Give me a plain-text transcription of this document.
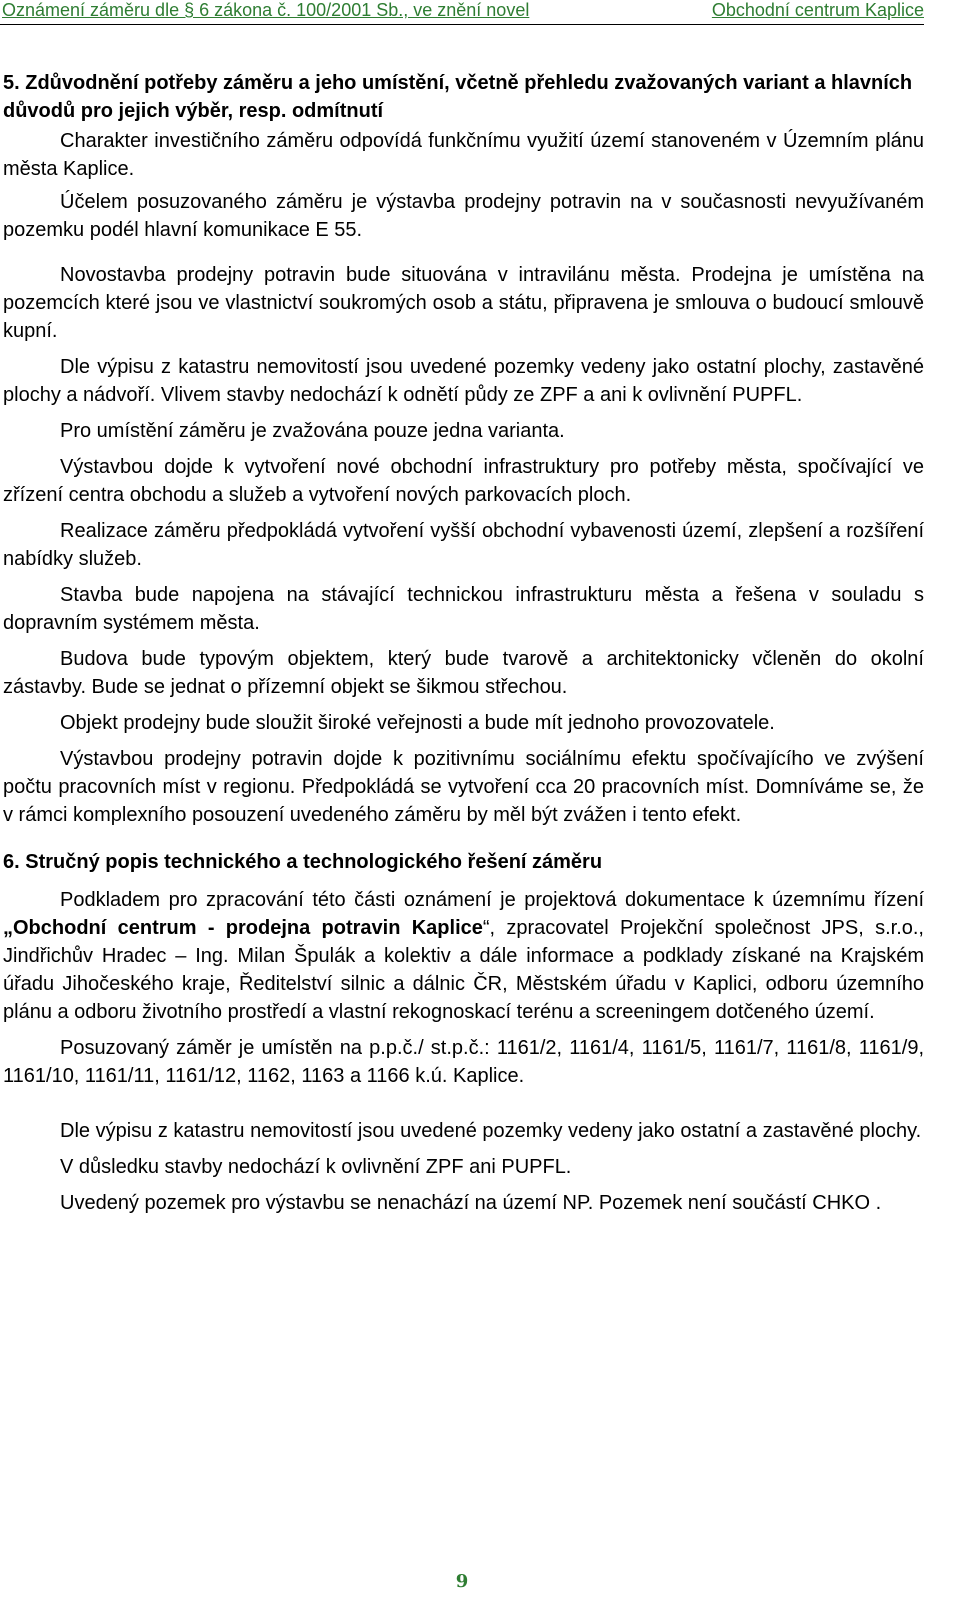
Oznámení záměru dle § 6 zákona č. 100/2001 Sb., ve znění novel	Obchodní centrum Kaplice

5. Zdůvodnění potřeby záměru a jeho umístění, včetně přehledu zvažovaných variant a hlavních důvodů pro jejich výběr, resp. odmítnutí

Charakter investičního záměru odpovídá funkčnímu využití území stanoveném v Územním plánu města Kaplice.

Účelem posuzovaného záměru je výstavba prodejny potravin na v současnosti nevyužívaném pozemku podél hlavní komunikace E 55.

Novostavba prodejny potravin bude situována v intravilánu města. Prodejna je umístěna na pozemcích které jsou ve vlastnictví soukromých osob a státu, připravena je smlouva o budoucí smlouvě kupní.

Dle výpisu z katastru nemovitostí jsou uvedené pozemky vedeny jako ostatní plochy, zastavěné plochy a nádvoří. Vlivem stavby nedochází k odnětí půdy ze ZPF a ani k ovlivnění PUPFL.

Pro umístění záměru je zvažována pouze jedna varianta.

Výstavbou dojde k vytvoření nové obchodní infrastruktury pro potřeby města, spočívající ve zřízení centra obchodu a služeb a vytvoření nových parkovacích ploch.

Realizace záměru předpokládá vytvoření vyšší obchodní vybavenosti území, zlepšení a rozšíření nabídky služeb.

Stavba bude napojena na stávající technickou infrastrukturu města a řešena v souladu s dopravním systémem města.

Budova bude typovým objektem, který bude tvarově a architektonicky včleněn do okolní zástavby. Bude se jednat o přízemní objekt se šikmou střechou.

Objekt prodejny bude sloužit široké veřejnosti a bude mít jednoho provozovatele.

Výstavbou prodejny potravin dojde k pozitivnímu sociálnímu efektu spočívajícího ve zvýšení počtu pracovních míst v regionu. Předpokládá se vytvoření cca 20 pracovních míst. Domníváme se, že v rámci komplexního posouzení uvedeného záměru by měl být zvážen i tento efekt.

6. Stručný popis technického a technologického řešení záměru

Podkladem pro zpracování této části oznámení je projektová dokumentace k územnímu řízení „Obchodní centrum - prodejna potravin Kaplice“, zpracovatel Projekční společnost JPS, s.r.o., Jindřichův Hradec – Ing. Milan Špulák a kolektiv a dále informace a podklady získané na Krajském úřadu Jihočeského kraje, Ředitelství silnic a dálnic ČR, Městském úřadu v Kaplici, odboru územního plánu a odboru životního prostředí a vlastní rekognoskací terénu a screeningem dotčeného území.

Posuzovaný záměr je umístěn na p.p.č./ st.p.č.: 1161/2, 1161/4, 1161/5, 1161/7, 1161/8, 1161/9, 1161/10, 1161/11, 1161/12, 1162, 1163 a 1166 k.ú. Kaplice.

Dle výpisu z katastru nemovitostí jsou uvedené pozemky vedeny jako ostatní a zastavěné plochy.

V důsledku stavby nedochází k ovlivnění ZPF ani PUPFL.

Uvedený pozemek pro výstavbu se nenachází na území NP. Pozemek není součástí CHKO .

9
